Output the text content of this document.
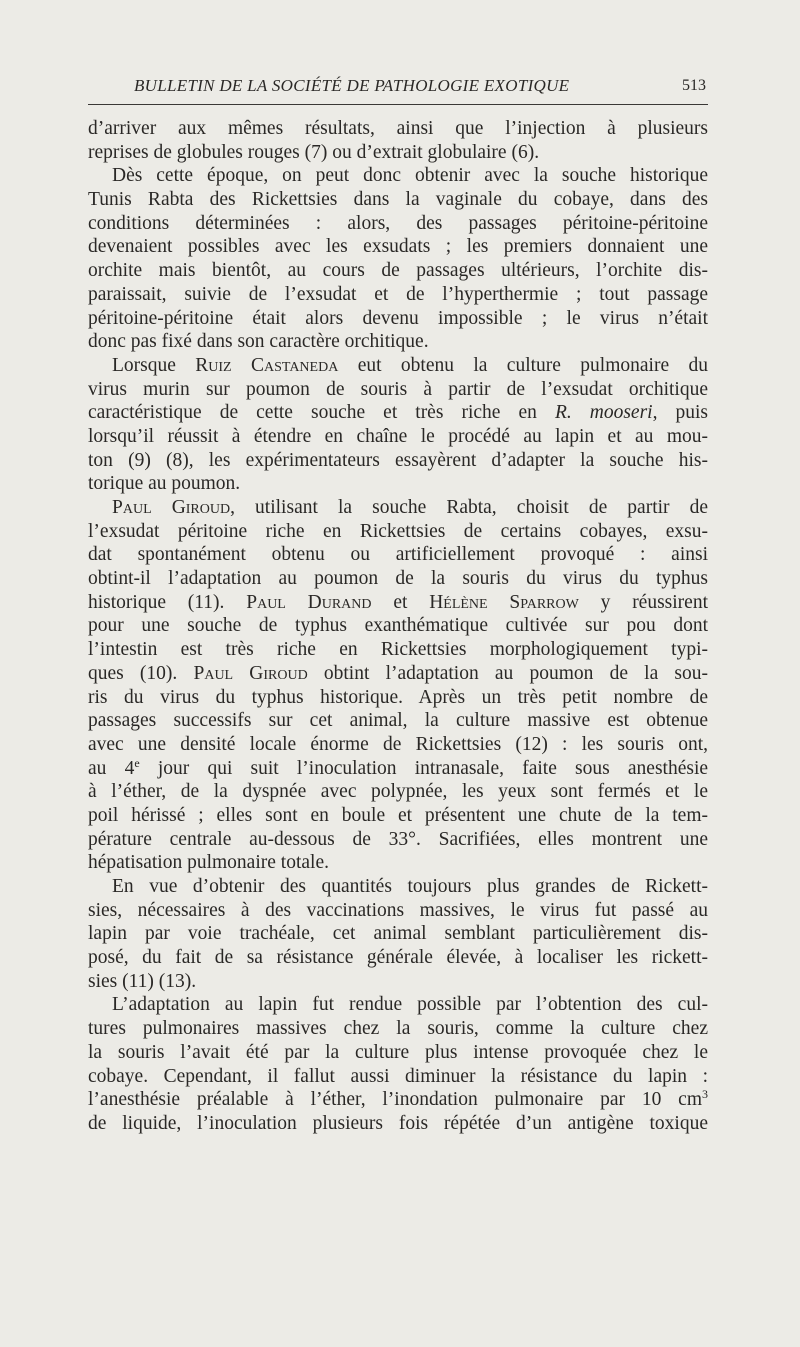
BULLETIN DE LA SOCIÉTÉ DE PATHOLOGIE EXOTIQUE	513
d’arriver aux mêmes résultats, ainsi que l’injection à plusieurs
reprises de globules rouges (7) ou d’extrait globulaire (6).
Dès cette époque, on peut donc obtenir avec la souche historique
Tunis Rabta des Rickettsies dans la vaginale du cobaye, dans des
conditions déterminées : alors, des passages péritoine-péritoine
devenaient possibles avec les exsudats ; les premiers donnaient une
orchite mais bientôt, au cours de passages ultérieurs, l’orchite dis-
paraissait, suivie de l’exsudat et de l’hyperthermie ; tout passage
péritoine-péritoine était alors devenu impossible ; le virus n’était
donc pas fixé dans son caractère orchitique.
Lorsque Ruiz Castaneda eut obtenu la culture pulmonaire du
virus murin sur poumon de souris à partir de l’exsudat orchitique
caractéristique de cette souche et très riche en R. mooseri, puis
lorsqu’il réussit à étendre en chaîne le procédé au lapin et au mou-
ton (9) (8), les expérimentateurs essayèrent d’adapter la souche his-
torique au poumon.
Paul Giroud, utilisant la souche Rabta, choisit de partir de
l’exsudat péritoine riche en Rickettsies de certains cobayes, exsu-
dat spontanément obtenu ou artificiellement provoqué : ainsi
obtint-il l’adaptation au poumon de la souris du virus du typhus
historique (11). Paul Durand et Hélène Sparrow y réussirent
pour une souche de typhus exanthématique cultivée sur pou dont
l’intestin est très riche en Rickettsies morphologiquement typi-
ques (10). Paul Giroud obtint l’adaptation au poumon de la sou-
ris du virus du typhus historique. Après un très petit nombre de
passages successifs sur cet animal, la culture massive est obtenue
avec une densité locale énorme de Rickettsies (12) : les souris ont,
au 4e jour qui suit l’inoculation intranasale, faite sous anesthésie
à l’éther, de la dyspnée avec polypnée, les yeux sont fermés et le
poil hérissé ; elles sont en boule et présentent une chute de la tem-
pérature centrale au-dessous de 33°. Sacrifiées, elles montrent une
hépatisation pulmonaire totale.
En vue d’obtenir des quantités toujours plus grandes de Rickett-
sies, nécessaires à des vaccinations massives, le virus fut passé au
lapin par voie trachéale, cet animal semblant particulièrement dis-
posé, du fait de sa résistance générale élevée, à localiser les rickett-
sies (11) (13).
L’adaptation au lapin fut rendue possible par l’obtention des cul-
tures pulmonaires massives chez la souris, comme la culture chez
la souris l’avait été par la culture plus intense provoquée chez le
cobaye. Cependant, il fallut aussi diminuer la résistance du lapin :
l’anesthésie préalable à l’éther, l’inondation pulmonaire par 10 $cm^3$
de liquide, l’inoculation plusieurs fois répétée d’un antigène toxique
